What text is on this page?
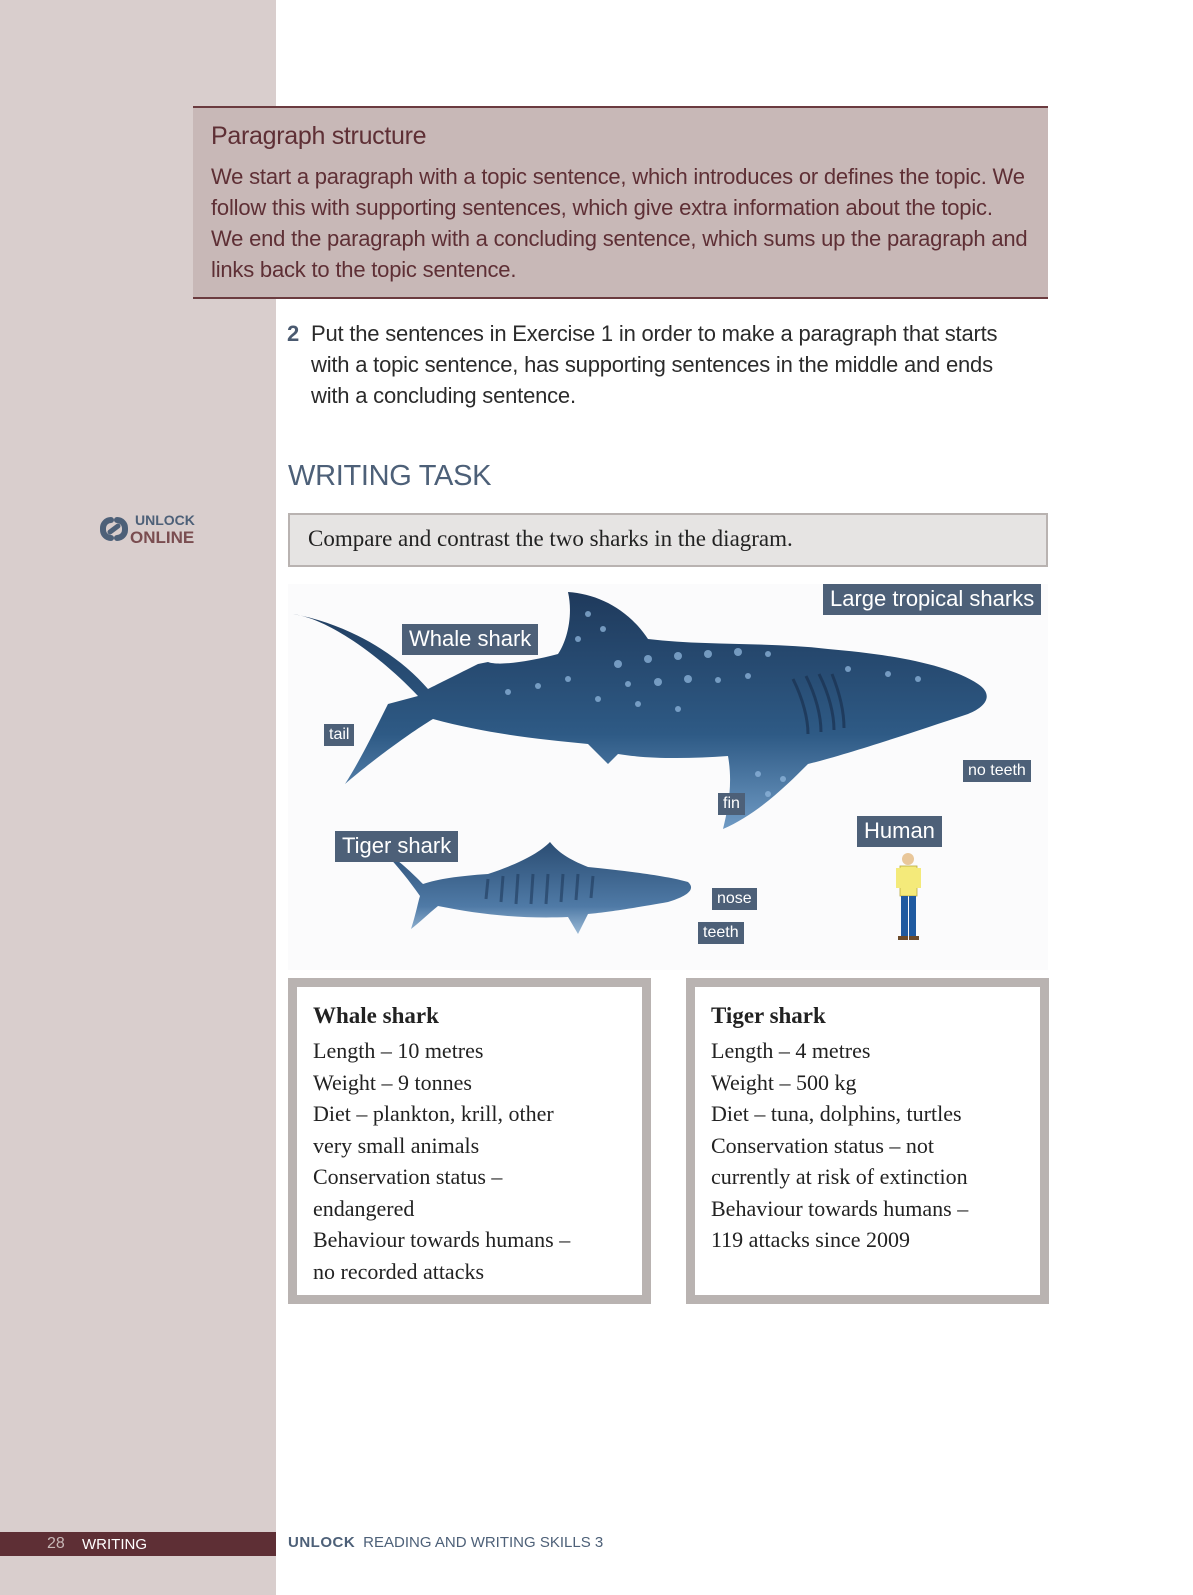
Paragraph structure
We start a paragraph with a topic sentence, which introduces or defines the topic. We follow this with supporting sentences, which give extra information about the topic. We end the paragraph with a concluding sentence, which sums up the paragraph and links back to the topic sentence.
2 Put the sentences in Exercise 1 in order to make a paragraph that starts with a topic sentence, has supporting sentences in the middle and ends with a concluding sentence.
UNLOCK
ONLINE
WRITING TASK
Compare and contrast the two sharks in the diagram.
Large tropical sharks
Whale shark
tail
fin
no teeth
Human
Tiger shark
nose
teeth
Whale shark
Length – 10 metres
Weight – 9 tonnes
Diet – plankton, krill, other
very small animals
Conservation status –
endangered
Behaviour towards humans –
no recorded attacks
Tiger shark
Length – 4 metres
Weight – 500 kg
Diet – tuna, dolphins, turtles
Conservation status – not
currently at risk of extinction
Behaviour towards humans –
119 attacks since 2009
28 WRITING	UNLOCK READING AND WRITING SKILLS 3
